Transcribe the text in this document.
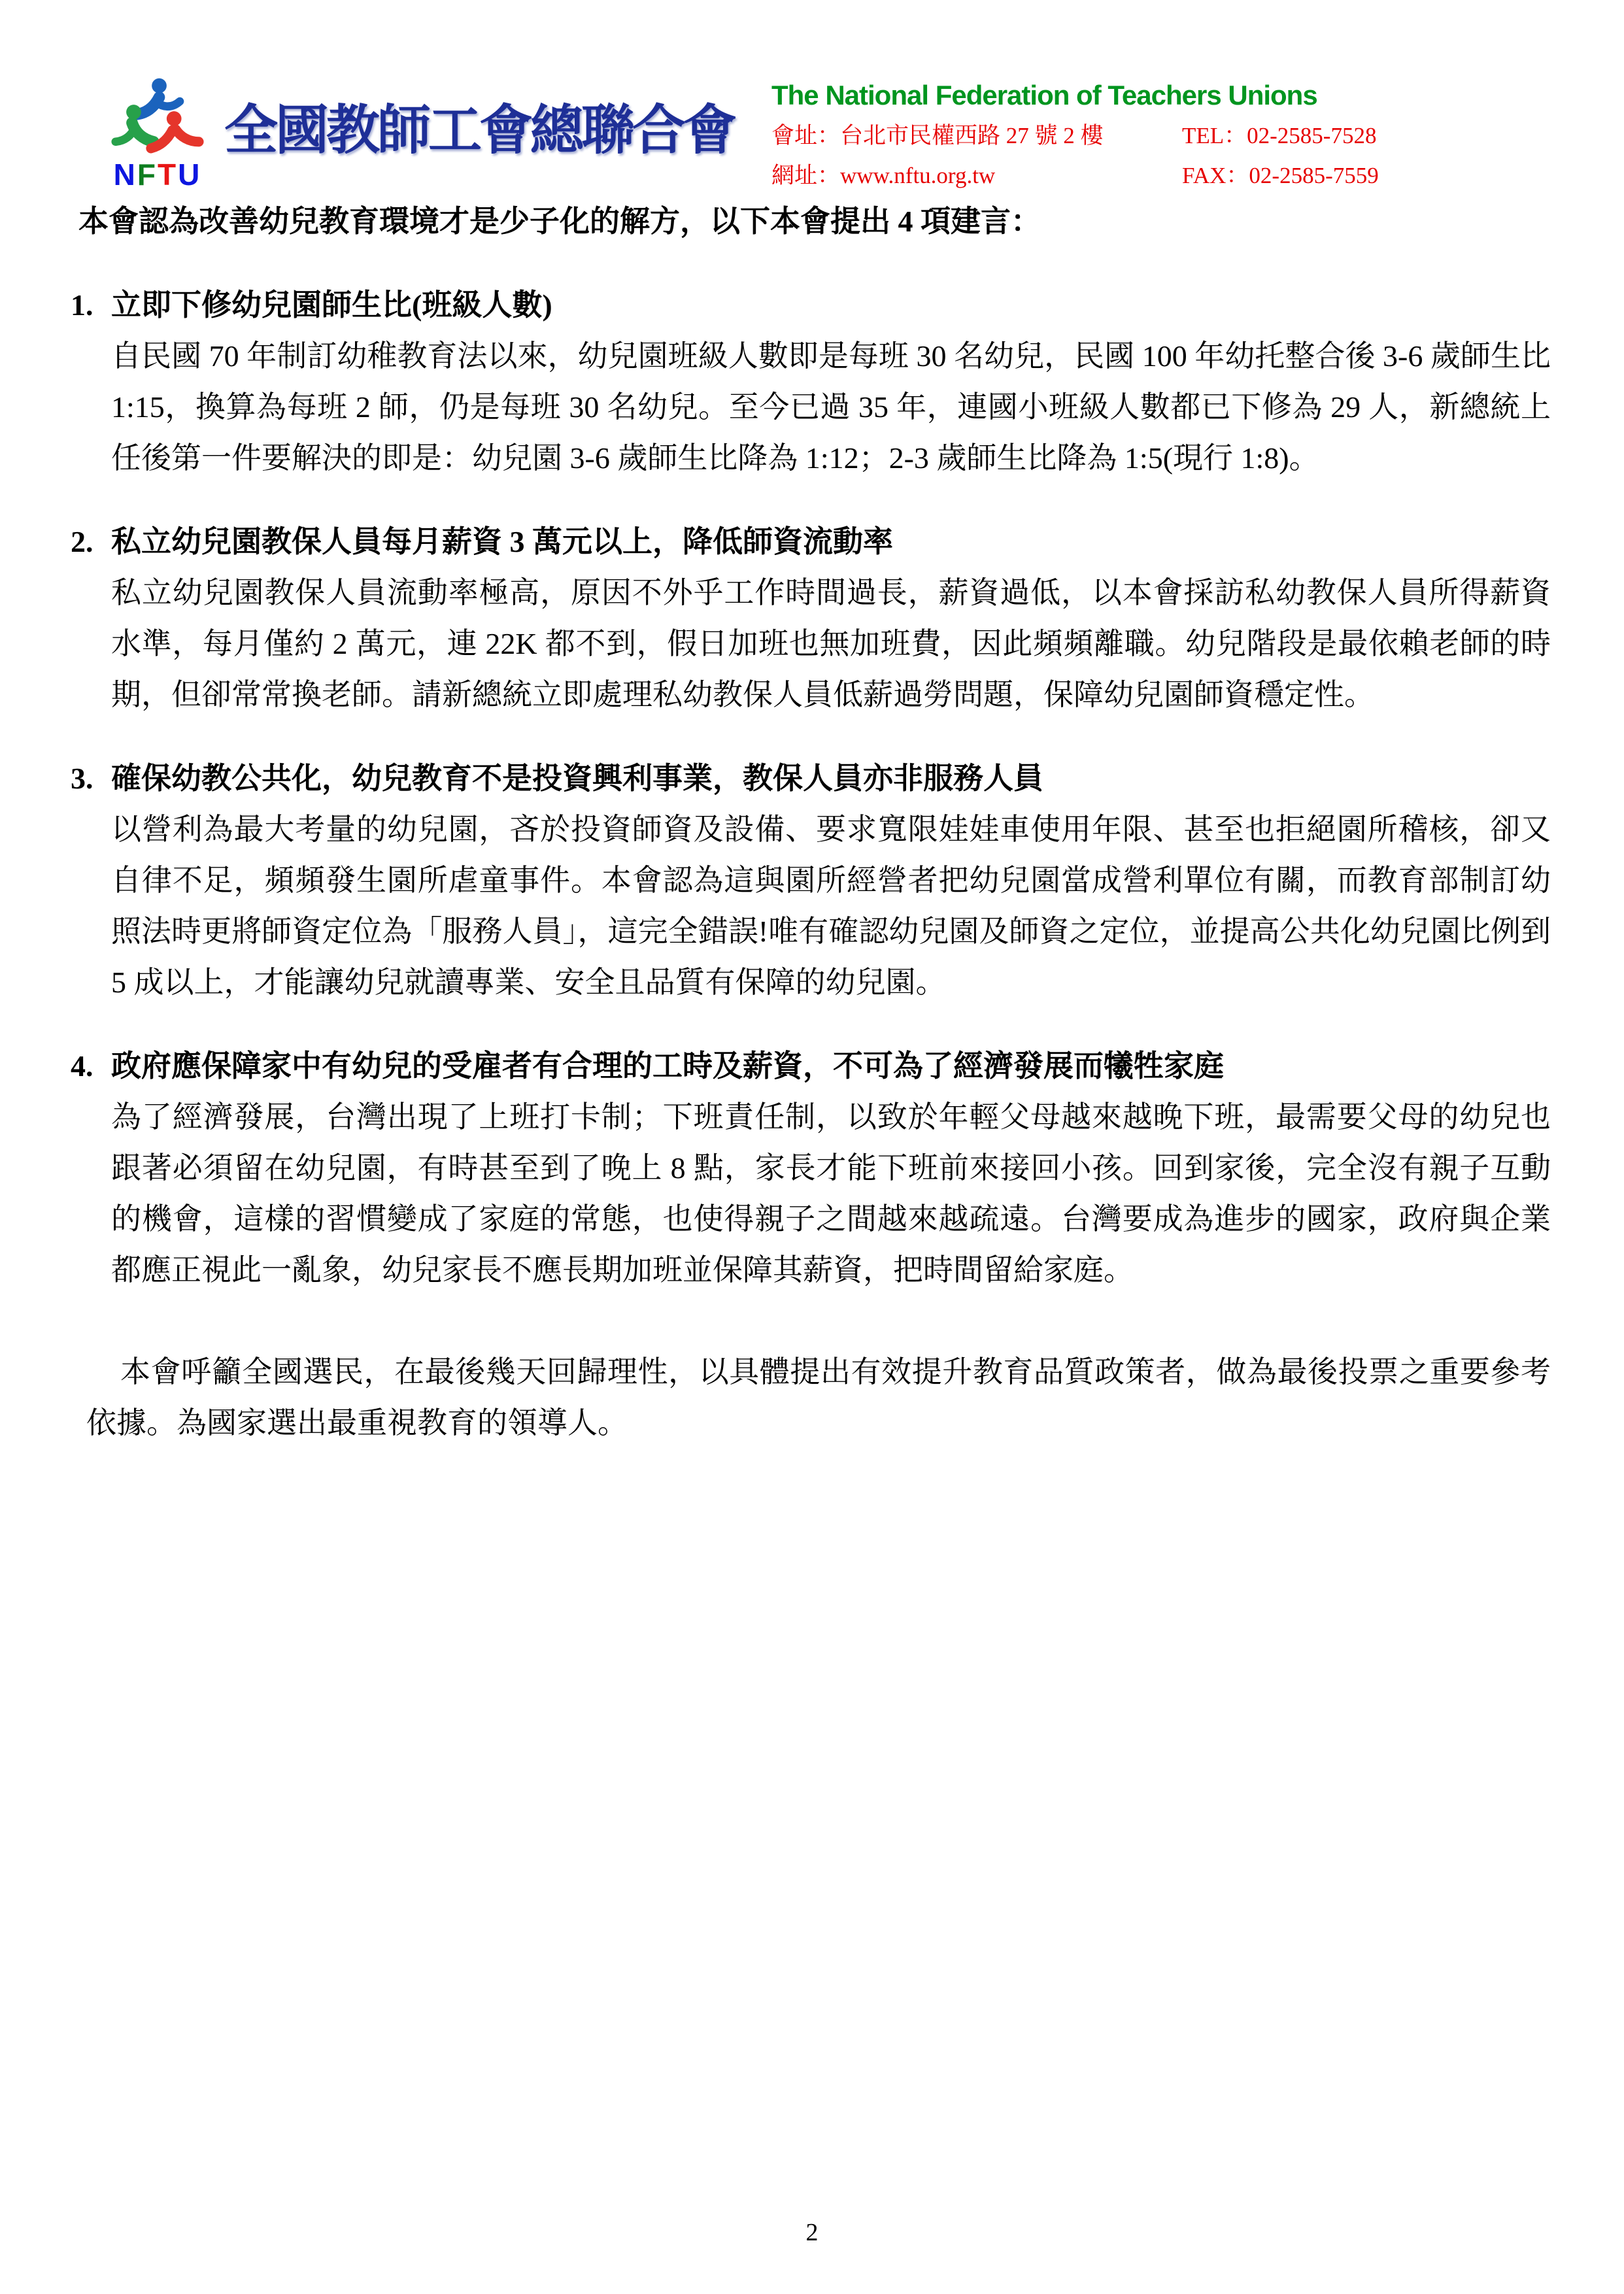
NFTU
全國教師工會總聯合會
The National Federation of Teachers Unions
會址：台北市民權西路 27 號 2 樓	TEL：02-2585-7528
網址：www.nftu.org.tw	FAX：02-2585-7559
本會認為改善幼兒教育環境才是少子化的解方，以下本會提出 4 項建言：
1. 立即下修幼兒園師生比(班級人數)

自民國 70 年制訂幼稚教育法以來，幼兒園班級人數即是每班 30 名幼兒，民國 100 年幼托整合後 3-6 歲師生比 1:15，換算為每班 2 師，仍是每班 30 名幼兒。至今已過 35 年，連國小班級人數都已下修為 29 人，新總統上任後第一件要解決的即是：幼兒園 3-6 歲師生比降為 1:12；2-3 歲師生比降為 1:5(現行 1:8)。

2. 私立幼兒園教保人員每月薪資 3 萬元以上，降低師資流動率

私立幼兒園教保人員流動率極高，原因不外乎工作時間過長，薪資過低，以本會採訪私幼教保人員所得薪資水準，每月僅約 2 萬元，連 22K 都不到，假日加班也無加班費，因此頻頻離職。幼兒階段是最依賴老師的時期，但卻常常換老師。請新總統立即處理私幼教保人員低薪過勞問題，保障幼兒園師資穩定性。

3. 確保幼教公共化，幼兒教育不是投資興利事業，教保人員亦非服務人員

以營利為最大考量的幼兒園，吝於投資師資及設備、要求寬限娃娃車使用年限、甚至也拒絕園所稽核，卻又自律不足，頻頻發生園所虐童事件。本會認為這與園所經營者把幼兒園當成營利單位有關，而教育部制訂幼照法時更將師資定位為「服務人員」，這完全錯誤!唯有確認幼兒園及師資之定位，並提高公共化幼兒園比例到 5 成以上，才能讓幼兒就讀專業、安全且品質有保障的幼兒園。

4. 政府應保障家中有幼兒的受雇者有合理的工時及薪資，不可為了經濟發展而犧牲家庭

為了經濟發展，台灣出現了上班打卡制；下班責任制，以致於年輕父母越來越晚下班，最需要父母的幼兒也跟著必須留在幼兒園，有時甚至到了晚上 8 點，家長才能下班前來接回小孩。回到家後，完全沒有親子互動的機會，這樣的習慣變成了家庭的常態，也使得親子之間越來越疏遠。台灣要成為進步的國家，政府與企業都應正視此一亂象，幼兒家長不應長期加班並保障其薪資，把時間留給家庭。

本會呼籲全國選民，在最後幾天回歸理性，以具體提出有效提升教育品質政策者，做為最後投票之重要參考依據。為國家選出最重視教育的領導人。
2
